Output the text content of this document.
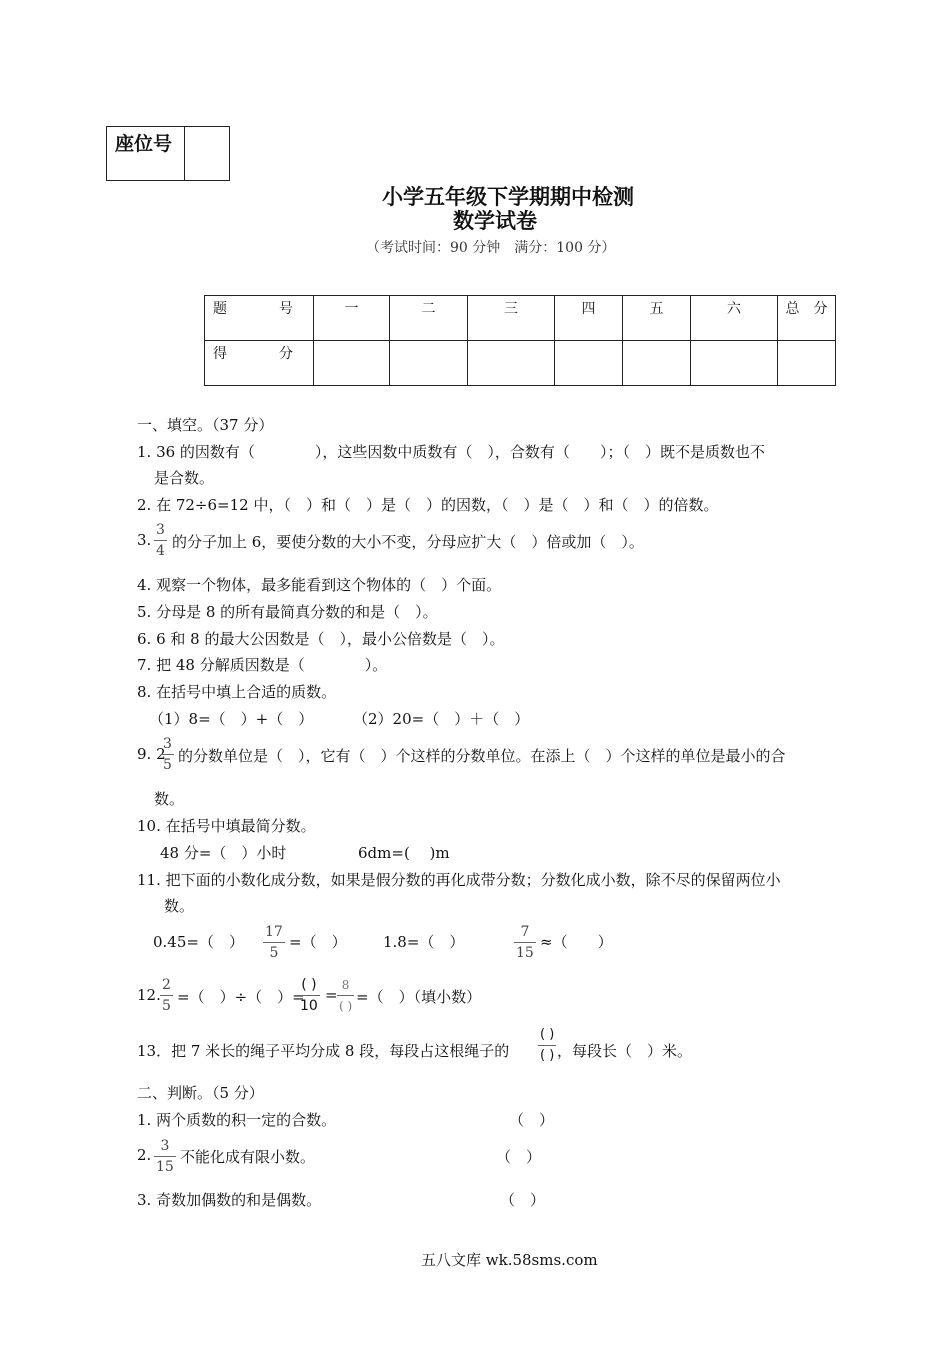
座位号
小学五年级下学期期中检测
数学试卷
（考试时间：90 分钟　满分：100 分）
题　号	一	二	三	四	五	六	总　分
得　分							
一、填空。（37 分）
1. 36 的因数有（　　　　），这些因数中质数有（　），合数有（　　）；（　）既不是质数也不
是合数。
2. 在 72÷6=12 中，（　）和（　）是（　）的因数，（　）是（　）和（　）的倍数。
3. $\frac{3}{4}$ 的分子加上 6，要使分数的大小不变，分母应扩大（　）倍或加（　）。
4. 观察一个物体，最多能看到这个物体的（　）个面。
5. 分母是 8 的所有最简真分数的和是（　）。
6. 6 和 8 的最大公因数是（　），最小公倍数是（　）。
7. 把 48 分解质因数是（　　　　）。
8. 在括号中填上合适的质数。
（1）8=（　）+（　）	（2）20=（　）＋（　）
9. 2
$\frac{3}{5}$ 的分数单位是（　），它有（　）个这样的分数单位。在添上（　）个这样的单位是最小的合
数。
10. 在括号中填最简分数。
48 分=（　）小时	6dm=(　 )m
11. 把下面的小数化成分数，如果是假分数的再化成带分数；分数化成小数，除不尽的保留两位小
数。
0.45=（　） $\frac{17}{5}$ =（　） 1.8=（　）	$\frac{7}{15}$ ≈（　　）
12. $\frac{2}{5}$ =（　）÷（　）=
( )
10
=
8
( ) =（　）（填小数）
13．把 7 米长的绳子平均分成 8 段，每段占这根绳子的
( )
( ) ，每段长（　）米。
二、判断。（5 分）
1. 两个质数的积一定的合数。	（　）
2. $\frac{3}{15}$ 不能化成有限小数。	（　）
3. 奇数加偶数的和是偶数。	（　）
五八文库 wk.58sms.com
